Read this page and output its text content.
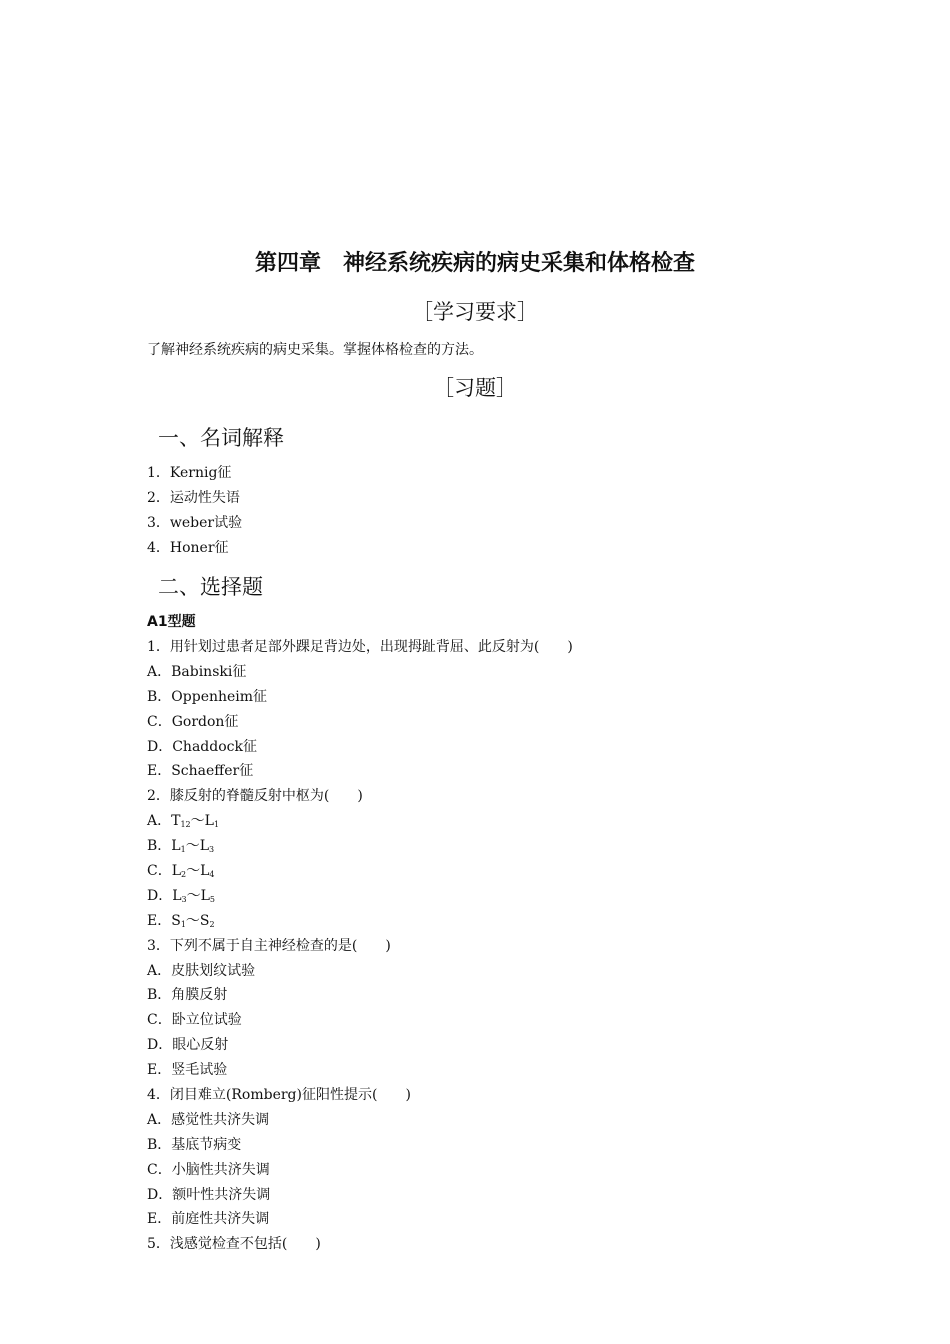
第四章　神经系统疾病的病史采集和体格检查
［学习要求］
了解神经系统疾病的病史采集。掌握体格检查的方法。
［习题］
一、名词解释
1．Kernig征
2．运动性失语
3．weber试验
4．Honer征
二、选择题
A1型题
1．用针划过患者足部外踝足背边处，出现拇趾背屈、此反射为(　　)
A．Babinski征
B．Oppenheim征
C．Gordon征
D．Chaddock征
E．Schaeffer征
2．膝反射的脊髓反射中枢为(　　)
A．$T_{12}\sim L_1$
B．$L_1\sim L_3$
C．$L_2\sim L_4$
D．$L_3\sim L_5$
E．$S_1\sim S_2$
3．下列不属于自主神经检查的是(　　)
A．皮肤划纹试验
B．角膜反射
C．卧立位试验
D．眼心反射
E．竖毛试验
4．闭目难立(Romberg)征阳性提示(　　)
A．感觉性共济失调
B．基底节病变
C．小脑性共济失调
D．额叶性共济失调
E．前庭性共济失调
5．浅感觉检查不包括(　　)
